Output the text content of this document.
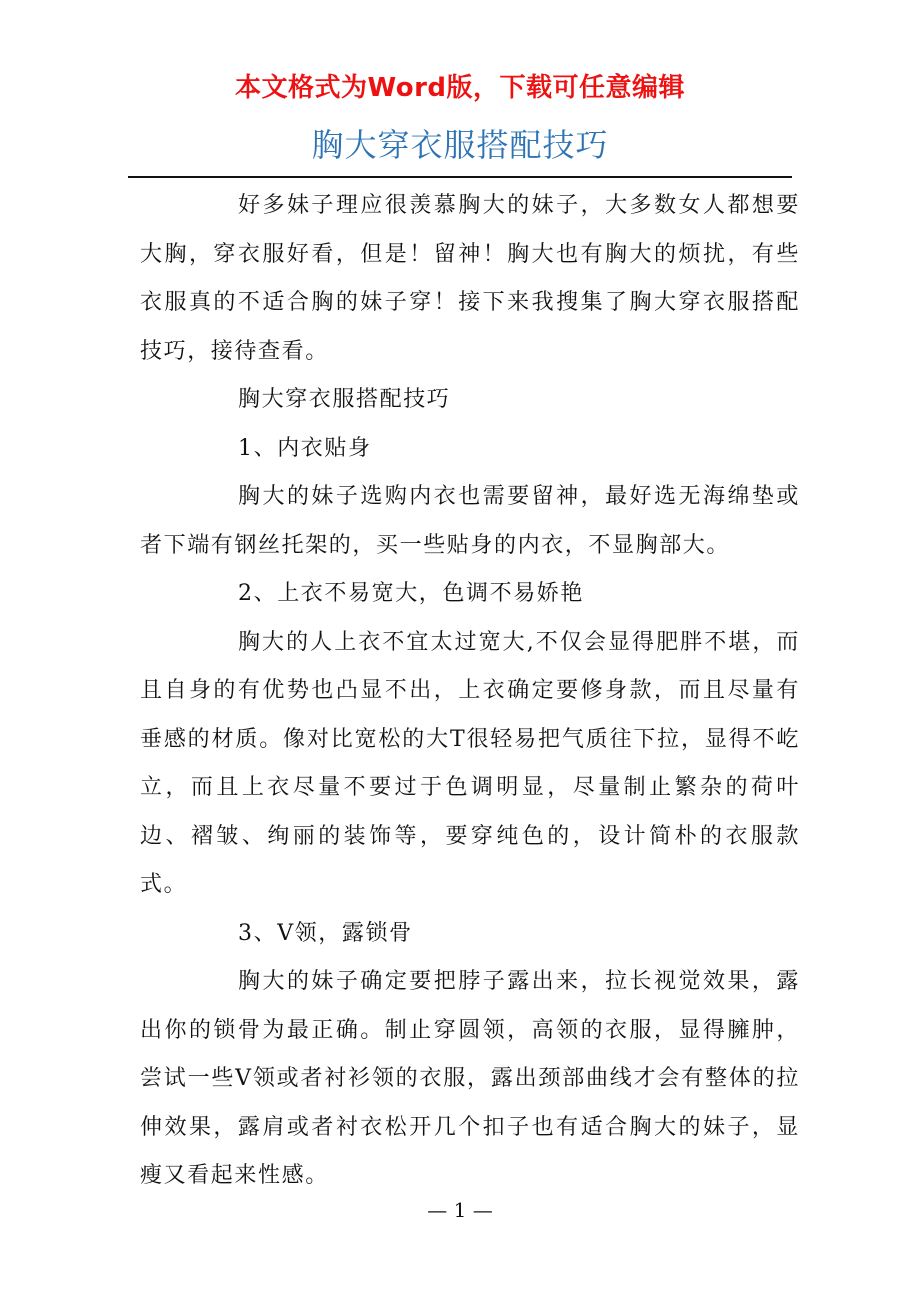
本文格式为Word版，下载可任意编辑
胸大穿衣服搭配技巧

好多妹子理应很羡慕胸大的妹子，大多数女人都想要大胸，穿衣服好看，但是！留神！胸大也有胸大的烦扰，有些衣服真的不适合胸的妹子穿！接下来我搜集了胸大穿衣服搭配技巧，接待查看。

胸大穿衣服搭配技巧

1、内衣贴身

胸大的妹子选购内衣也需要留神，最好选无海绵垫或者下端有钢丝托架的，买一些贴身的内衣，不显胸部大。

2、上衣不易宽大，色调不易娇艳

胸大的人上衣不宜太过宽大,不仅会显得肥胖不堪，而且自身的有优势也凸显不出，上衣确定要修身款，而且尽量有垂感的材质。像对比宽松的大T很轻易把气质往下拉，显得不屹立，而且上衣尽量不要过于色调明显，尽量制止繁杂的荷叶边、褶皱、绚丽的装饰等，要穿纯色的，设计简朴的衣服款式。

3、V领，露锁骨

胸大的妹子确定要把脖子露出来，拉长视觉效果，露出你的锁骨为最正确。制止穿圆领，高领的衣服，显得臃肿，尝试一些V领或者衬衫领的衣服，露出颈部曲线才会有整体的拉伸效果，露肩或者衬衣松开几个扣子也有适合胸大的妹子，显瘦又看起来性感。

— 1 —
